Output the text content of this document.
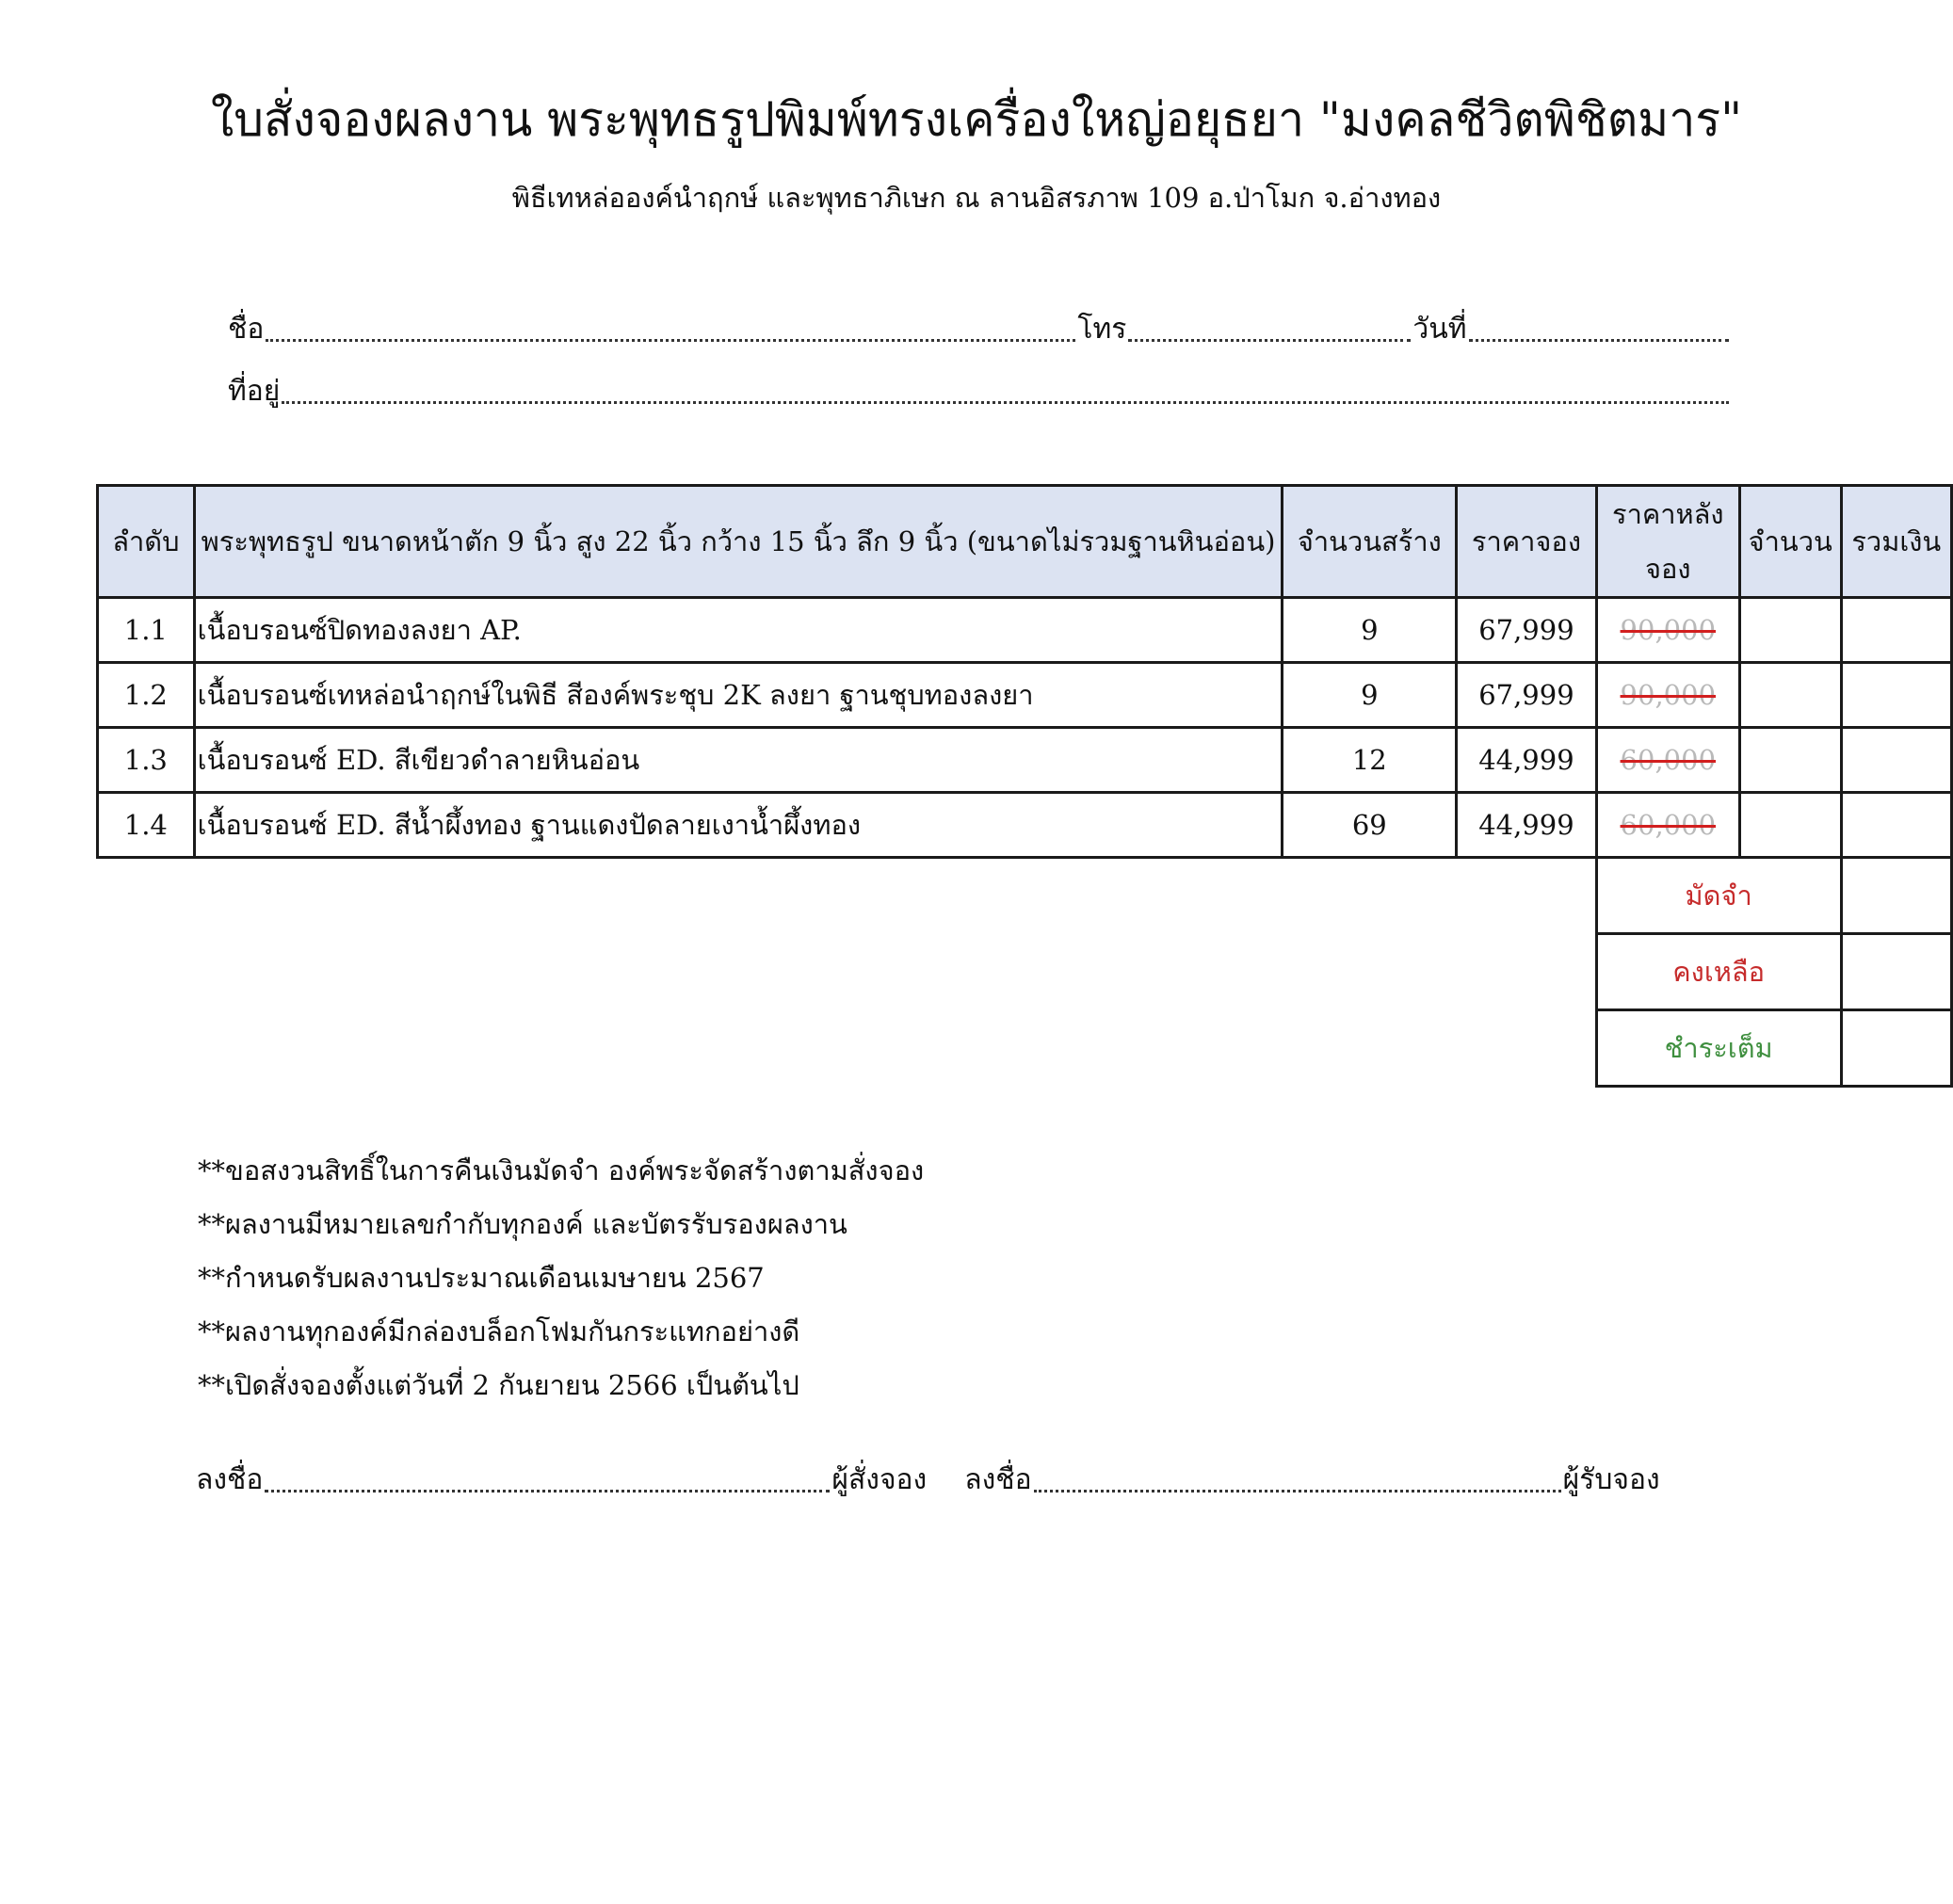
ใบสั่งจองผลงาน พระพุทธรูปพิมพ์ทรงเครื่องใหญ่อยุธยา "มงคลชีวิตพิชิตมาร"
พิธีเทหล่อองค์นำฤกษ์ และพุทธาภิเษก ณ ลานอิสรภาพ 109 อ.ป่าโมก จ.อ่างทอง
ชื่อ	โทร	วันที่
ที่อยู่
ลำดับ	พระพุทธรูป ขนาดหน้าตัก 9 นิ้ว สูง 22 นิ้ว กว้าง 15 นิ้ว ลึก 9 นิ้ว (ขนาดไม่รวมฐานหินอ่อน)	จำนวนสร้าง	ราคาจอง	ราคาหลังจอง	จำนวน	รวมเงิน
1.1	เนื้อบรอนซ์ปิดทองลงยา AP.	9	67,999	90,000		
1.2	เนื้อบรอนซ์เทหล่อนำฤกษ์ในพิธี สีองค์พระชุบ 2K ลงยา ฐานชุบทองลงยา	9	67,999	90,000		
1.3	เนื้อบรอนซ์ ED. สีเขียวดำลายหินอ่อน	12	44,999	60,000		
1.4	เนื้อบรอนซ์ ED. สีน้ำผึ้งทอง ฐานแดงปัดลายเงาน้ำผึ้งทอง	69	44,999	60,000		
				มัดจำ		
				คงเหลือ		
				ชำระเต็ม		
**ขอสงวนสิทธิ์ในการคืนเงินมัดจำ องค์พระจัดสร้างตามสั่งจอง
**ผลงานมีหมายเลขกำกับทุกองค์ และบัตรรับรองผลงาน
**กำหนดรับผลงานประมาณเดือนเมษายน 2567
**ผลงานทุกองค์มีกล่องบล็อกโฟมกันกระแทกอย่างดี
**เปิดสั่งจองตั้งแต่วันที่ 2 กันยายน 2566 เป็นต้นไป
ลงชื่อ	ผู้สั่งจอง ลงชื่อ	ผู้รับจอง
